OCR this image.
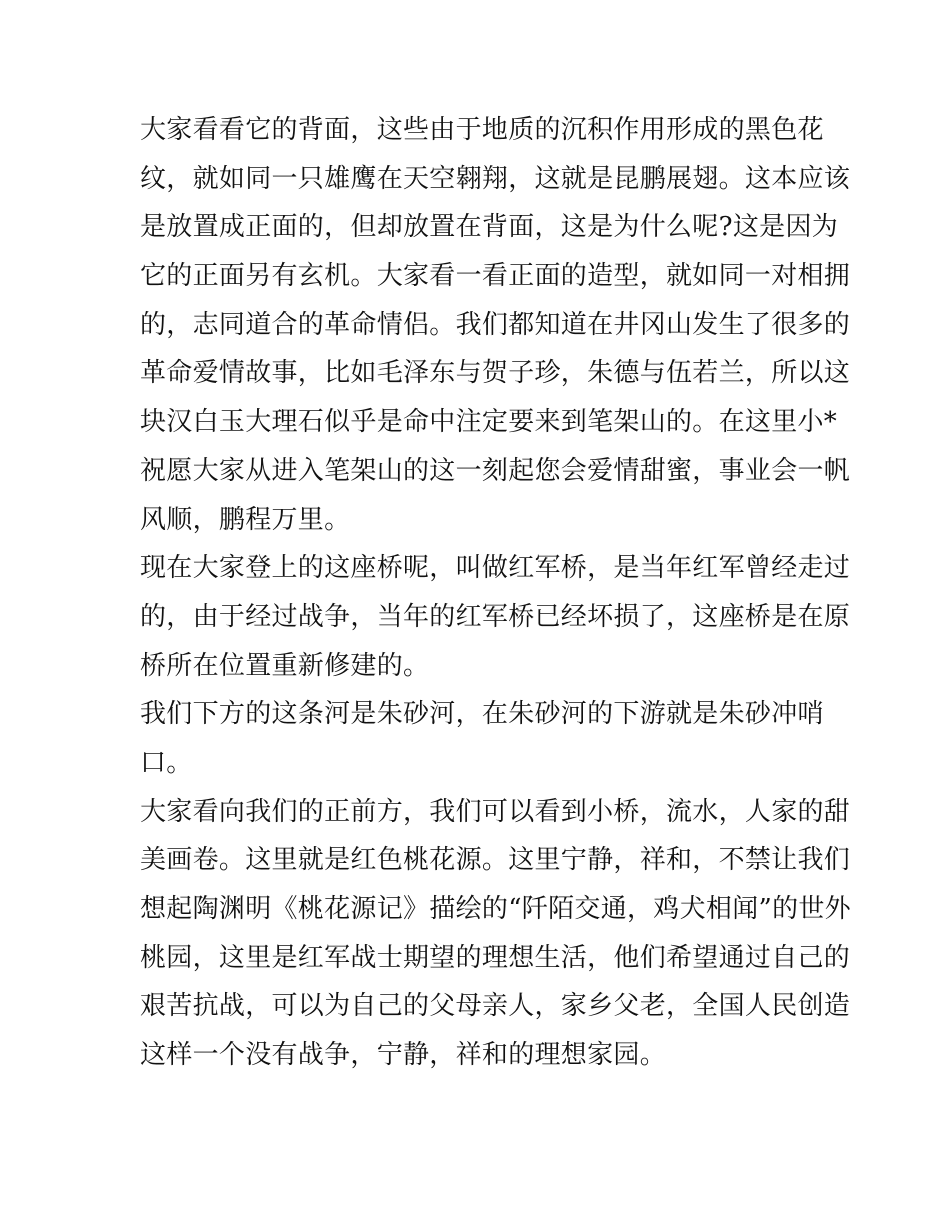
大家看看它的背面，这些由于地质的沉积作用形成的黑色花
纹，就如同一只雄鹰在天空翱翔，这就是昆鹏展翅。这本应该
是放置成正面的，但却放置在背面，这是为什么呢?这是因为
它的正面另有玄机。大家看一看正面的造型，就如同一对相拥
的，志同道合的革命情侣。我们都知道在井冈山发生了很多的
革命爱情故事，比如毛泽东与贺子珍，朱德与伍若兰，所以这
块汉白玉大理石似乎是命中注定要来到笔架山的。在这里小*
祝愿大家从进入笔架山的这一刻起您会爱情甜蜜，事业会一帆
风顺，鹏程万里。
现在大家登上的这座桥呢，叫做红军桥，是当年红军曾经走过
的，由于经过战争，当年的红军桥已经坏损了，这座桥是在原
桥所在位置重新修建的。
我们下方的这条河是朱砂河，在朱砂河的下游就是朱砂冲哨
口。
大家看向我们的正前方，我们可以看到小桥，流水，人家的甜
美画卷。这里就是红色桃花源。这里宁静，祥和，不禁让我们
想起陶渊明《桃花源记》描绘的“阡陌交通，鸡犬相闻”的世外
桃园，这里是红军战士期望的理想生活，他们希望通过自己的
艰苦抗战，可以为自己的父母亲人，家乡父老，全国人民创造
这样一个没有战争，宁静，祥和的理想家园。
